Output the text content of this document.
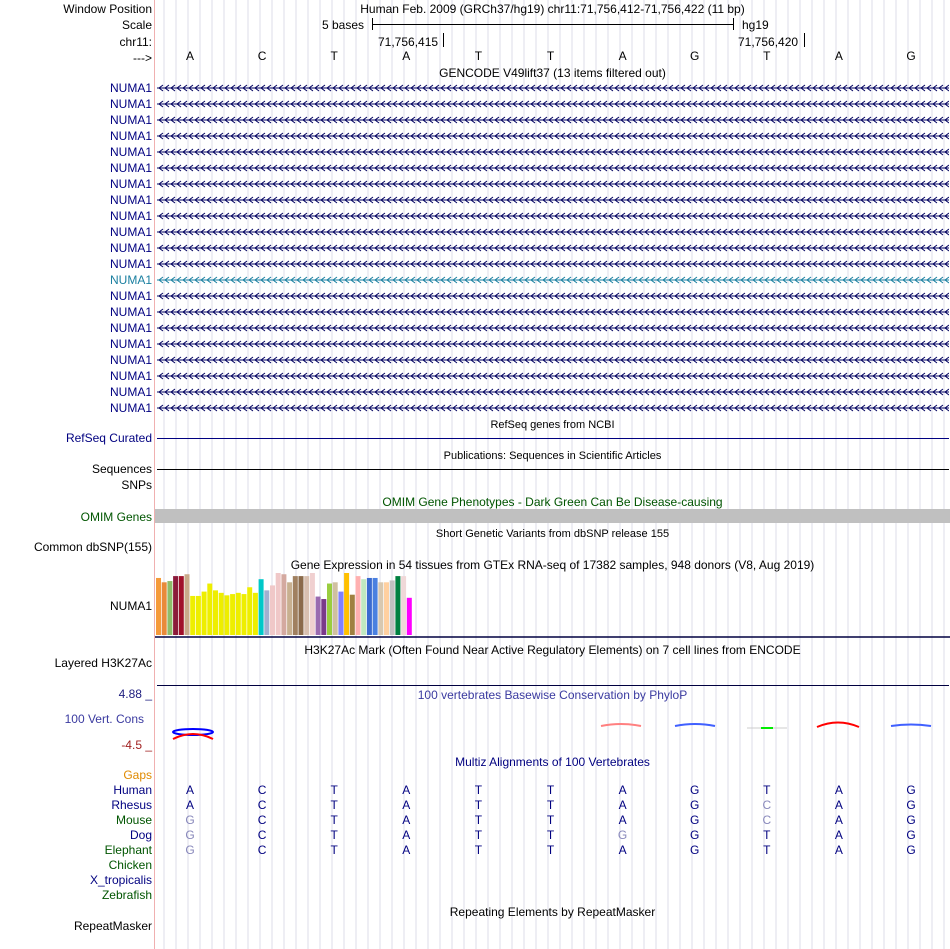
Window Position	Human Feb. 2009 (GRCh37/hg19) chr11:71,756,412-71,756,422 (11 bp)
Scale	5 bases	hg19
chr11:	71,756,415	71,756,420
--->	A	C	T	A	T	T	A	G	T	A	G
GENCODE V49lift37 (13 items filtered out)
NUMA1
NUMA1
NUMA1
NUMA1
NUMA1
NUMA1
NUMA1
NUMA1
NUMA1
NUMA1
NUMA1
NUMA1
NUMA1
NUMA1
NUMA1
NUMA1
NUMA1
NUMA1
NUMA1
NUMA1
NUMA1
RefSeq genes from NCBI
RefSeq Curated
Publications: Sequences in Scientific Articles
Sequences
SNPs
OMIM Gene Phenotypes - Dark Green Can Be Disease-causing
OMIM Genes
Short Genetic Variants from dbSNP release 155
Common dbSNP(155)
Gene Expression in 54 tissues from GTEx RNA-seq of 17382 samples, 948 donors (V8, Aug 2019)
NUMA1
H3K27Ac Mark (Often Found Near Active Regulatory Elements) on 7 cell lines from ENCODE
Layered H3K27Ac
100 vertebrates Basewise Conservation by PhyloP
4.88 _
100 Vert. Cons
-4.5 _
Multiz Alignments of 100 Vertebrates
Gaps
Human	A	C	T	A	T	T	A	G	T	A	G
Rhesus	A	C	T	A	T	T	A	G	C	A	G
Mouse	G	C	T	A	T	T	A	G	C	A	G
Dog	G	C	T	A	T	T	G	G	T	A	G
Elephant	G	C	T	A	T	T	A	G	T	A	G
Chicken
X_tropicalis
Zebrafish
Repeating Elements by RepeatMasker
RepeatMasker
